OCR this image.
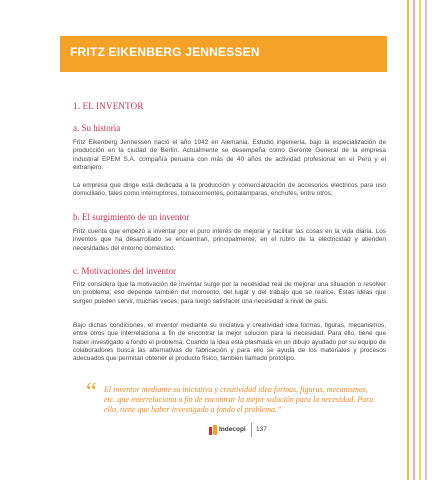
FRITZ EIKENBERG JENNESSEN
1. EL INVENTOR
a. Su historia
Fritz Eikenberg Jennessen nació el año 1942 en Alemania. Estudió ingeniería, bajo la especialización de producción en la ciudad de Berlín. Actualmente se desempeña como Gerente General de la empresa industrial EPEM S.A. compañía peruana con más de 40 años de actividad profesional en el Perú y el extranjero.
La empresa que dirige está dedicada a la producción y comercialización de accesorios eléctricos para uso domiciliario, tales como interruptores, tomacorrientes, portalámparas, enchufes, entre otros.
b. El surgimiento de un inventor
Fritz cuenta que empezó a inventar por el puro interés de mejorar y facilitar las cosas en la vida diaria. Los inventos que ha desarrollado se encuentran, principalmente, en el rubro de la electricidad y atienden necesidades del entorno doméstico.
c. Motivaciones del inventor
Fritz considera que la motivación de inventar surge por la necesidad real de mejorar una situación o resolver un problema; eso depende también del momento, del lugar y del trabajo que se realice. Estas ideas que surgen pueden servir, muchas veces, para luego satisfacer una necesidad a nivel de país.
Bajo dichas condiciones, el inventor mediante su iniciativa y creatividad idea formas, figuras, mecanismos, entre otros que interrelaciona a fin de encontrar la mejor solución para la necesidad. Para ello, tiene que haber investigado a fondo el problema. Cuando la idea está plasmada en un dibujo ayudado por su equipo de colaboradores busca las alternativas de fabricación y para ello se ayuda de los materiales y procesos adecuados que permitan obtener el producto físico, también llamado prototipo.
“ El inventor mediante su iniciativa y creatividad idea formas, figuras, mecanismos, etc. que interrelaciona a fin de encontrar la mejor solución para la necesidad. Para ello, tiene que haber investigado a fondo el problema.”
Indecopi 137
